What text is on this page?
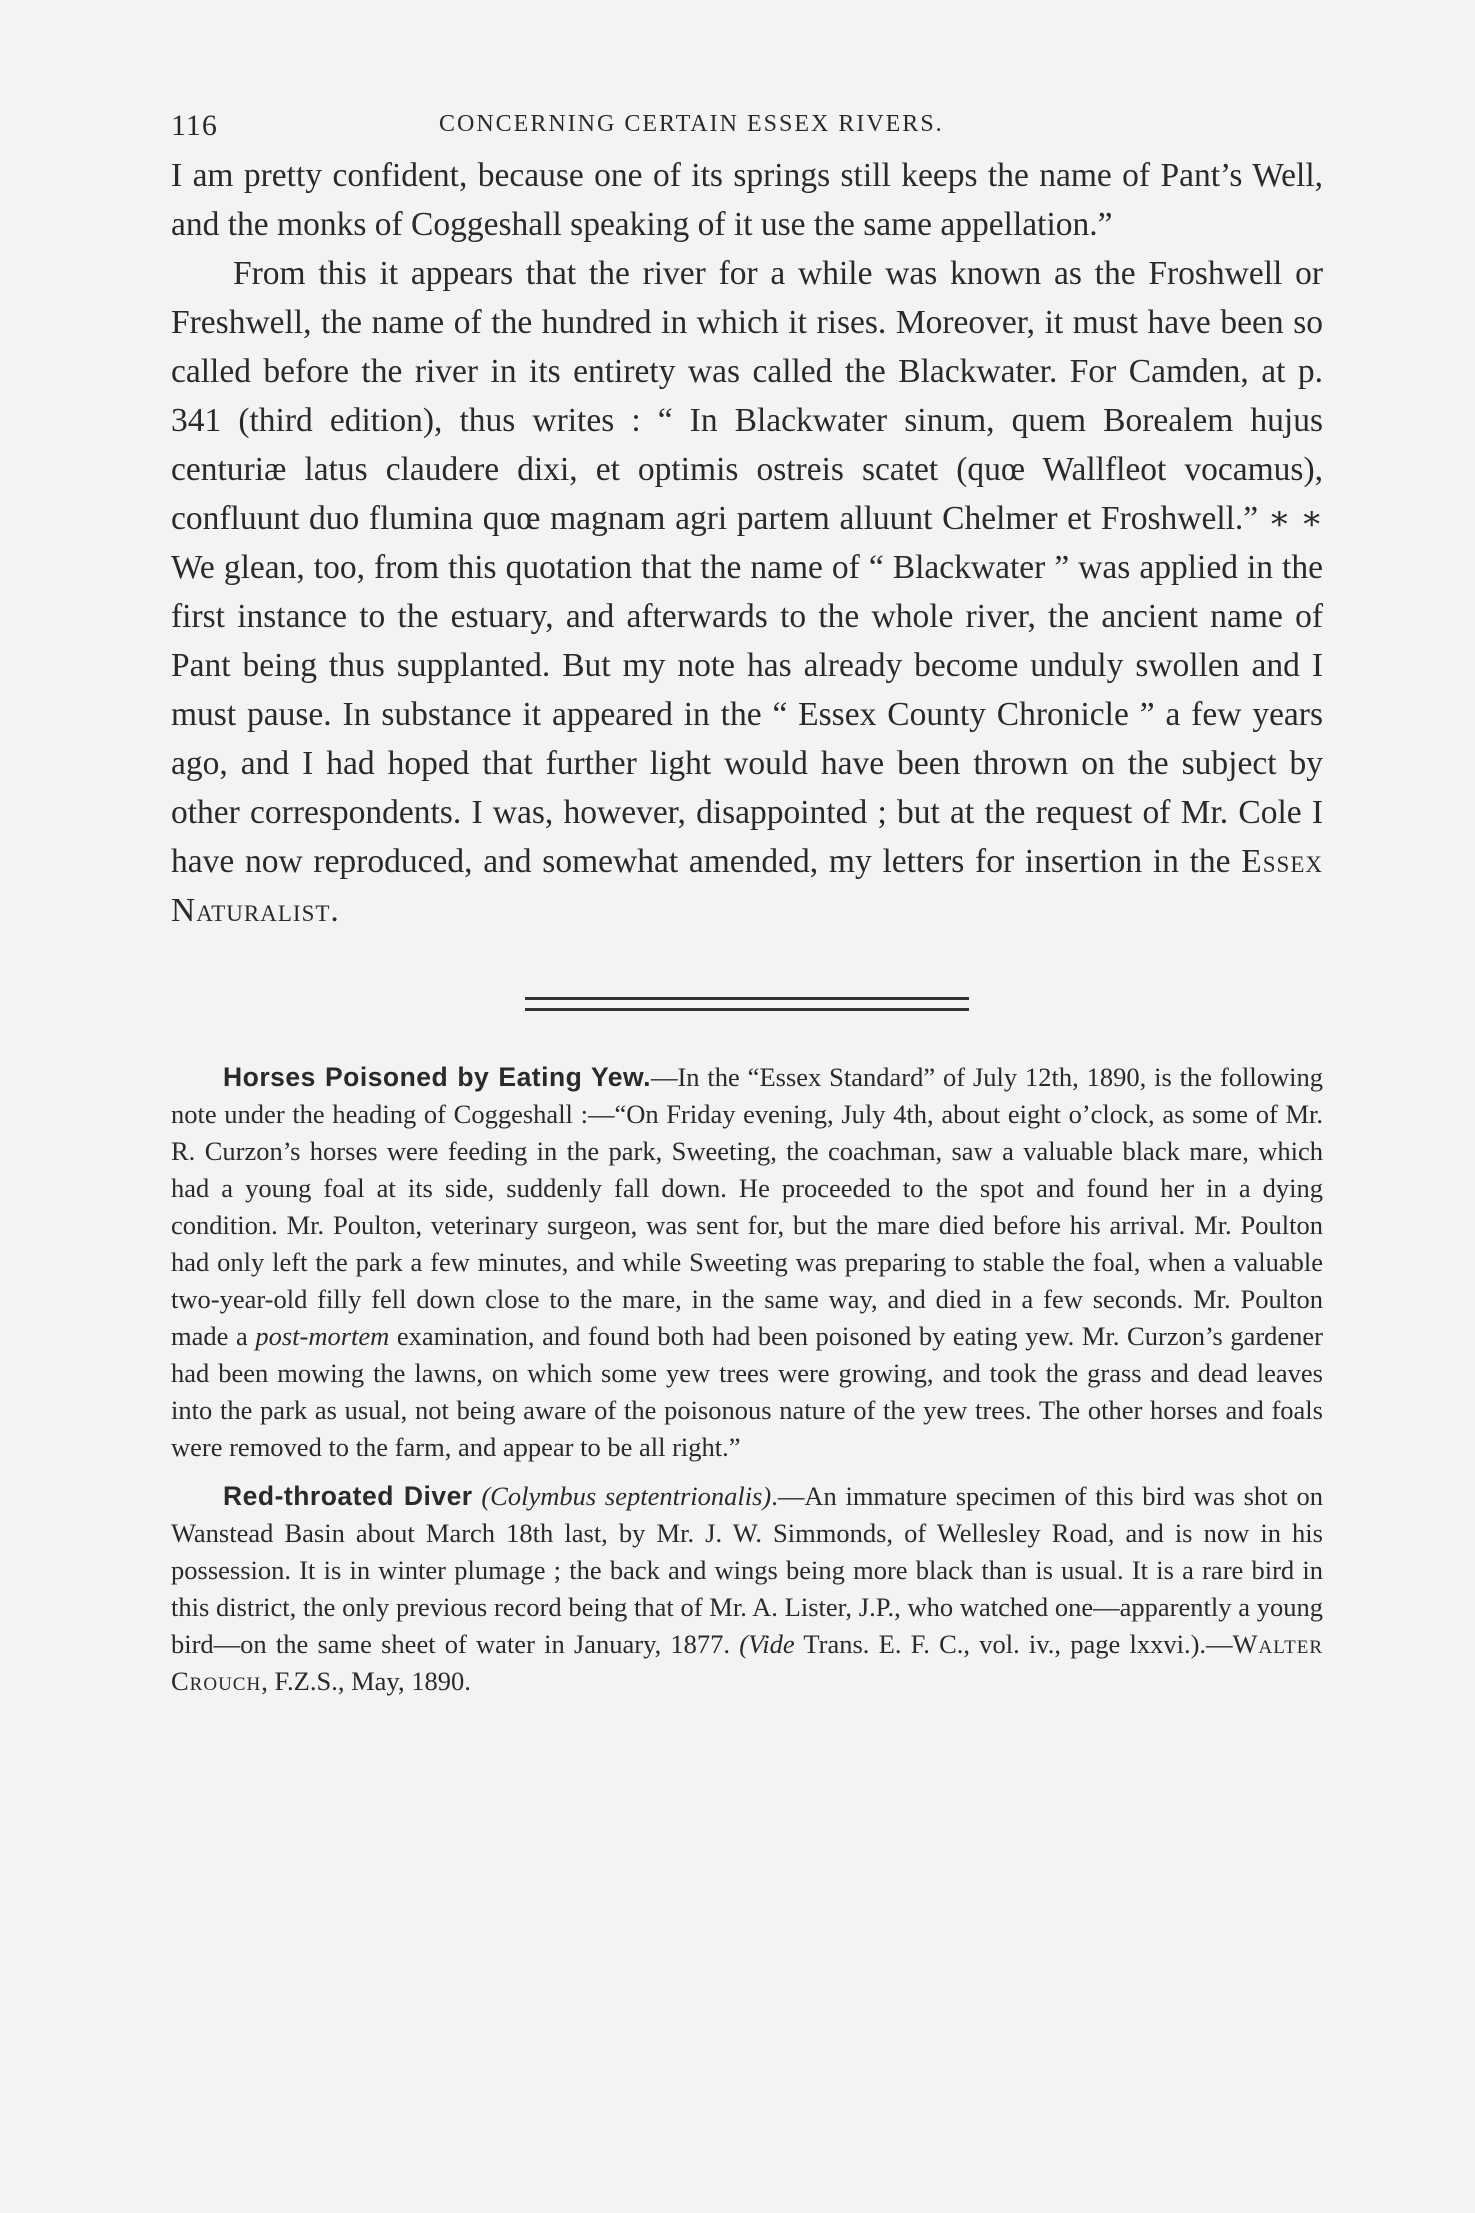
116	CONCERNING CERTAIN ESSEX RIVERS.

I am pretty confident, because one of its springs still keeps the name of Pant’s Well, and the monks of Coggeshall speaking of it use the same appellation.”

From this it appears that the river for a while was known as the Froshwell or Freshwell, the name of the hundred in which it rises. Moreover, it must have been so called before the river in its entirety was called the Blackwater. For Camden, at p. 341 (third edition), thus writes : “ In Blackwater sinum, quem Borealem hujus centuriæ latus claudere dixi, et optimis ostreis scatet (quœ Wallfleot vocamus), confluunt duo flumina quœ magnam agri partem alluunt Chelmer et Froshwell.” ∗ ∗ We glean, too, from this quotation that the name of “ Blackwater ” was applied in the first instance to the estuary, and afterwards to the whole river, the ancient name of Pant being thus supplanted. But my note has already become unduly swollen and I must pause. In substance it appeared in the “ Essex County Chronicle ” a few years ago, and I had hoped that further light would have been thrown on the subject by other correspondents. I was, however, disappointed ; but at the request of Mr. Cole I have now reproduced, and somewhat amended, my letters for insertion in the Essex Naturalist.

Horses Poisoned by Eating Yew.—In the “Essex Standard” of July 12th, 1890, is the following note under the heading of Coggeshall :—“On Friday evening, July 4th, about eight o’clock, as some of Mr. R. Curzon’s horses were feeding in the park, Sweeting, the coachman, saw a valuable black mare, which had a young foal at its side, suddenly fall down. He proceeded to the spot and found her in a dying condition. Mr. Poulton, veterinary surgeon, was sent for, but the mare died before his arrival. Mr. Poulton had only left the park a few minutes, and while Sweeting was preparing to stable the foal, when a valuable two-year-old filly fell down close to the mare, in the same way, and died in a few seconds. Mr. Poulton made a post-mortem examination, and found both had been poisoned by eating yew. Mr. Curzon’s gardener had been mowing the lawns, on which some yew trees were growing, and took the grass and dead leaves into the park as usual, not being aware of the poisonous nature of the yew trees. The other horses and foals were removed to the farm, and appear to be all right.”

Red-throated Diver (Colymbus septentrionalis).—An immature specimen of this bird was shot on Wanstead Basin about March 18th last, by Mr. J. W. Simmonds, of Wellesley Road, and is now in his possession. It is in winter plumage ; the back and wings being more black than is usual. It is a rare bird in this district, the only previous record being that of Mr. A. Lister, J.P., who watched one—apparently a young bird—on the same sheet of water in January, 1877. (Vide Trans. E. F. C., vol. iv., page lxxvi.).—Walter Crouch, F.Z.S., May, 1890.
